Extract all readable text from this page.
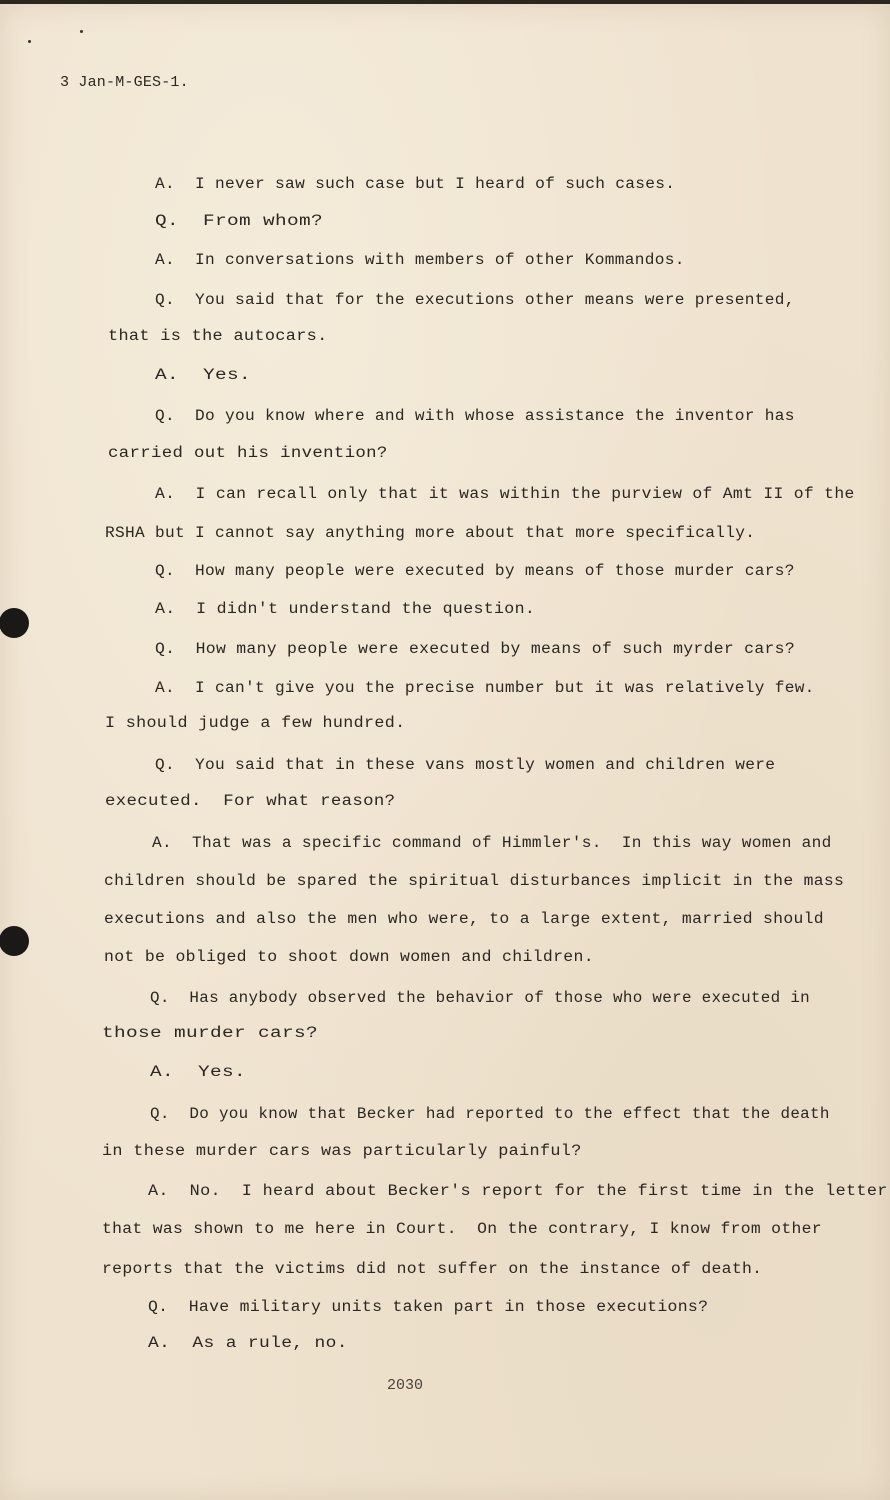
3 Jan-M-GES-1.
A.  I never saw such case but I heard of such cases.
Q.  From whom?
A.  In conversations with members of other Kommandos.
Q.  You said that for the executions other means were presented,
that is the autocars.
A.  Yes.
Q.  Do you know where and with whose assistance the inventor has
carried out his invention?
A.  I can recall only that it was within the purview of Amt II of the
RSHA but I cannot say anything more about that more specifically.
Q.  How many people were executed by means of those murder cars?
A.  I didn't understand the question.
Q.  How many people were executed by means of such myrder cars?
A.  I can't give you the precise number but it was relatively few.
I should judge a few hundred.
Q.  You said that in these vans mostly women and children were
executed.  For what reason?
A.  That was a specific command of Himmler's.  In this way women and
children should be spared the spiritual disturbances implicit in the mass
executions and also the men who were, to a large extent, married should
not be obliged to shoot down women and children.
Q.  Has anybody observed the behavior of those who were executed in
those murder cars?
A.  Yes.
Q.  Do you know that Becker had reported to the effect that the death
in these murder cars was particularly painful?
A.  No.  I heard about Becker's report for the first time in the letter
that was shown to me here in Court.  On the contrary, I know from other
reports that the victims did not suffer on the instance of death.
Q.  Have military units taken part in those executions?
A.  As a rule, no.
2030
